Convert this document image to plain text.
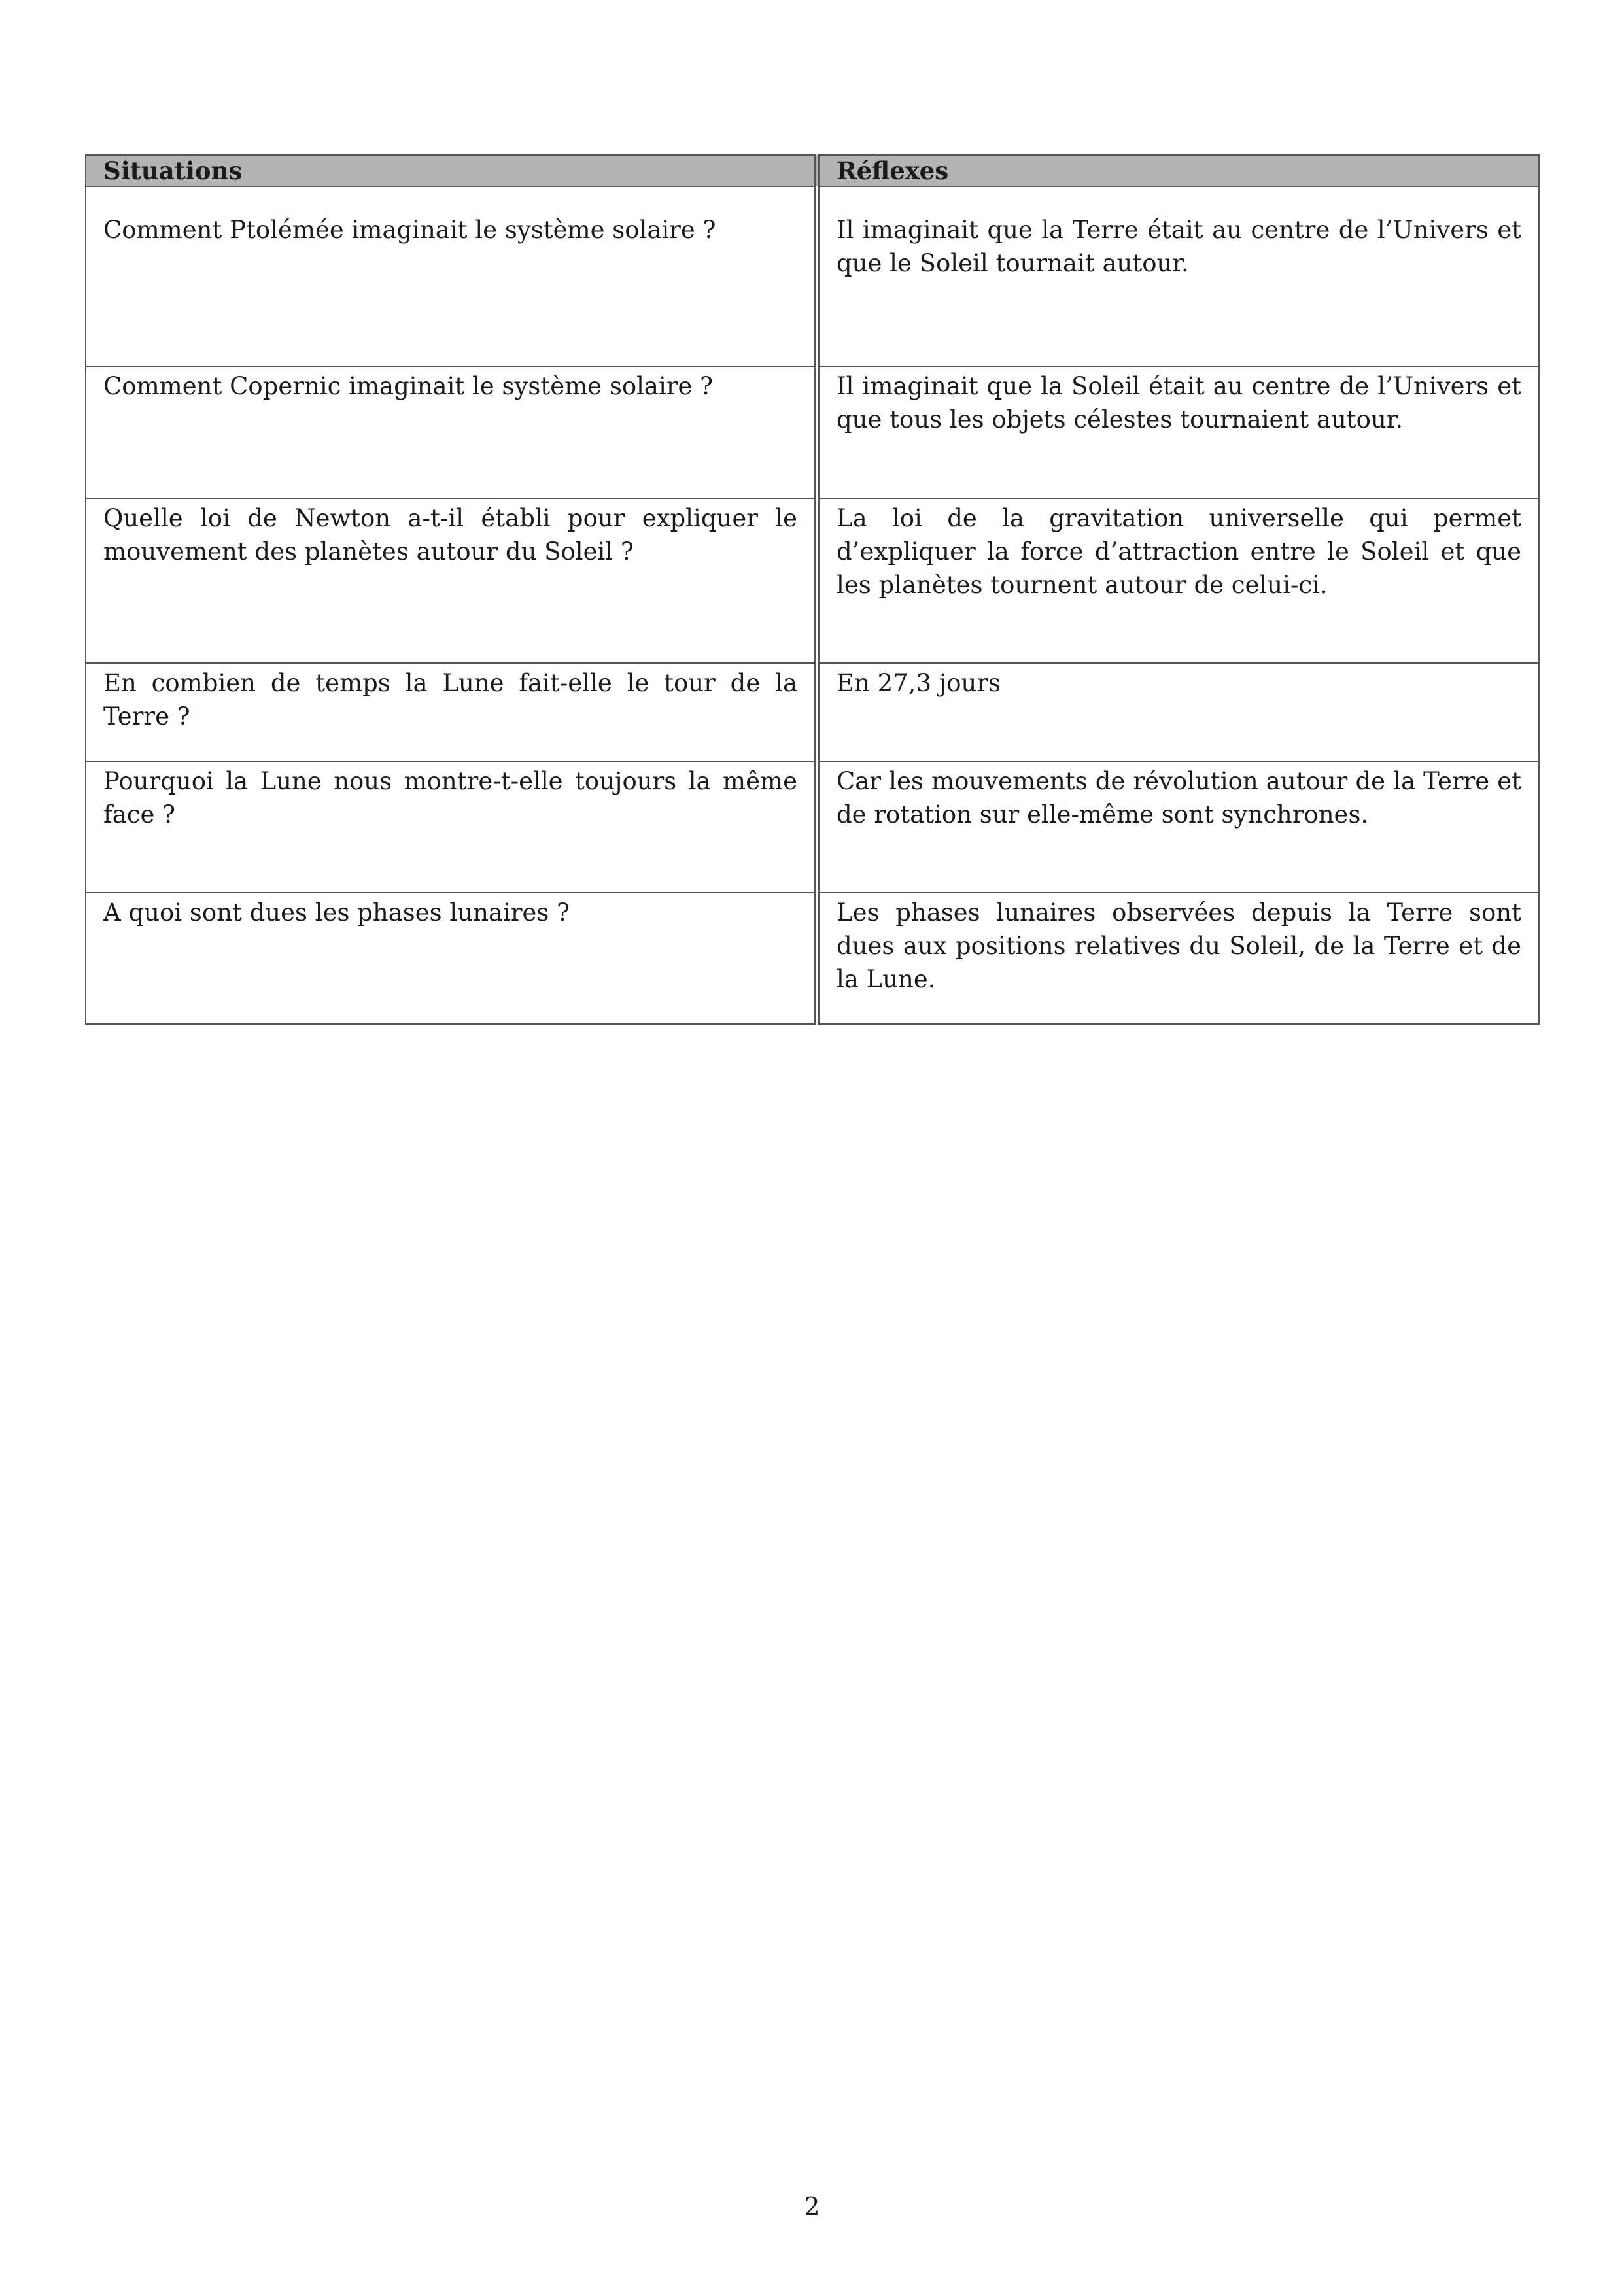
Situations	Réflexes
Comment Ptolémée imaginait le système solaire ?	Il imaginait que la Terre était au centre de l’Univers et que le Soleil tournait autour.
Comment Copernic imaginait le système solaire ?	Il imaginait que la Soleil était au centre de l’Univers et que tous les objets célestes tournaient autour.
Quelle loi de Newton a-t-il établi pour expliquer le mouvement des planètes autour du Soleil ?	La loi de la gravitation universelle qui permet d’expliquer la force d’attraction entre le Soleil et que les planètes tournent autour de celui-ci.
En combien de temps la Lune fait-elle le tour de la Terre ?	En 27,3 jours
Pourquoi la Lune nous montre-t-elle toujours la même face ?	Car les mouvements de révolution autour de la Terre et de rotation sur elle-même sont synchrones.
A quoi sont dues les phases lunaires ?	Les phases lunaires observées depuis la Terre sont dues aux positions relatives du Soleil, de la Terre et de la Lune.
2
